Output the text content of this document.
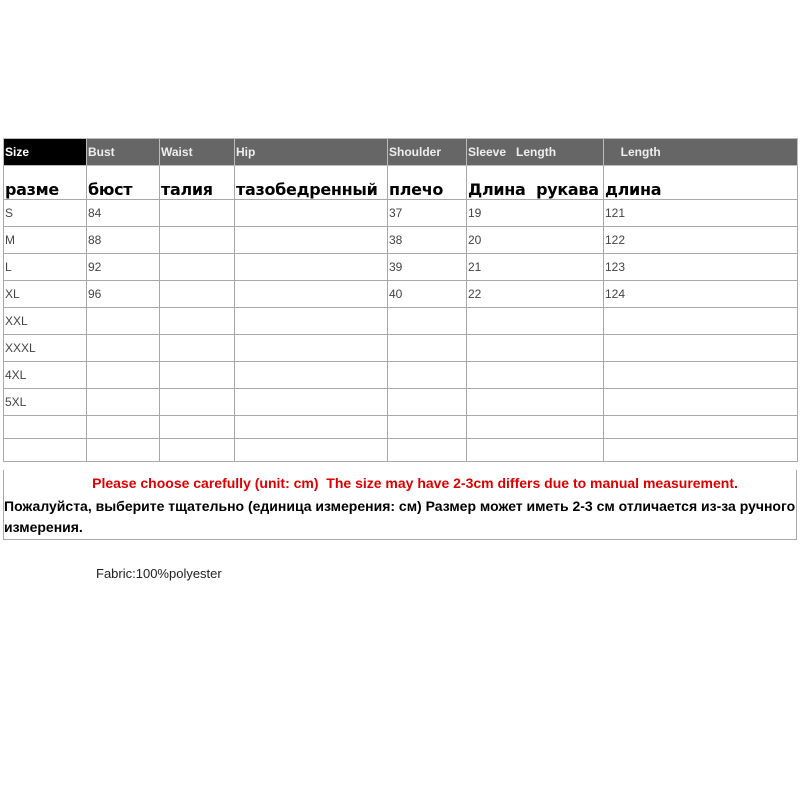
Size	Bust	Waist	Hip	Shoulder	Sleeve   Length	Length
разме	бюст	талия	тазобедренный	плечо	Длина  рукава	длина
S	84			37	19	121
M	88			38	20	122
L	92			39	21	123
XL	96			40	22	124
XXL						
XXXL						
4XL						
5XL						

Please choose carefully (unit: cm)  The size may have 2-3cm differs due to manual measurement.
Пожалуйста, выберите тщательно (единица измерения: см) Размер может иметь 2-3 см отличается из-за ручного измерения.
Fabric:100%polyester
